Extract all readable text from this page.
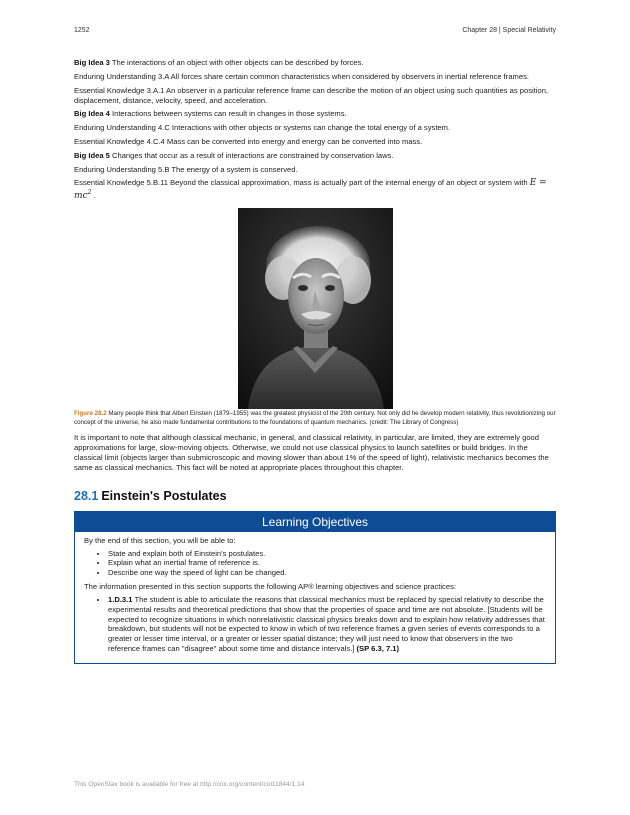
1252	Chapter 28 | Special Relativity

Big Idea 3 The interactions of an object with other objects can be described by forces.

Enduring Understanding 3.A All forces share certain common characteristics when considered by observers in inertial reference frames.

Essential Knowledge 3.A.1 An observer in a particular reference frame can describe the motion of an object using such quantities as position, displacement, distance, velocity, speed, and acceleration.

Big Idea 4 Interactions between systems can result in changes in those systems.

Enduring Understanding 4.C Interactions with other objects or systems can change the total energy of a system.

Essential Knowledge 4.C.4 Mass can be converted into energy and energy can be converted into mass.

Big Idea 5 Changes that occur as a result of interactions are constrained by conservation laws.

Enduring Understanding 5.B The energy of a system is conserved.

Essential Knowledge 5.B.11 Beyond the classical approximation, mass is actually part of the internal energy of an object or system with $E = mc^2$ .

Figure 28.2 Many people think that Albert Einstein (1879–1955) was the greatest physicist of the 20th century. Not only did he develop modern relativity, thus revolutionizing our concept of the universe, he also made fundamental contributions to the foundations of quantum mechanics. (credit: The Library of Congress)

It is important to note that although classical mechanic, in general, and classical relativity, in particular, are limited, they are extremely good approximations for large, slow-moving objects. Otherwise, we could not use classical physics to launch satellites or build bridges. In the classical limit (objects larger than submicroscopic and moving slower than about 1% of the speed of light), relativistic mechanics becomes the same as classical mechanics. This fact will be noted at appropriate places throughout this chapter.

28.1 Einstein's Postulates
Learning Objectives

By the end of this section, you will be able to:

• State and explain both of Einstein's postulates.
• Explain what an inertial frame of reference is.
• Describe one way the speed of light can be changed.

The information presented in this section supports the following AP® learning objectives and science practices:

• 1.D.3.1 The student is able to articulate the reasons that classical mechanics must be replaced by special relativity to describe the experimental results and theoretical predictions that show that the properties of space and time are not absolute. [Students will be expected to recognize situations in which nonrelativistic classical physics breaks down and to explain how relativity addresses that breakdown, but students will not be expected to know in which of two reference frames a given series of events corresponds to a greater or lesser time interval, or a greater or lesser spatial distance; they will just need to know that observers in the two reference frames can "disagree" about some time and distance intervals.] (SP 6.3, 7.1)
This OpenStax book is available for free at http://cnx.org/content/col11844/1.14
